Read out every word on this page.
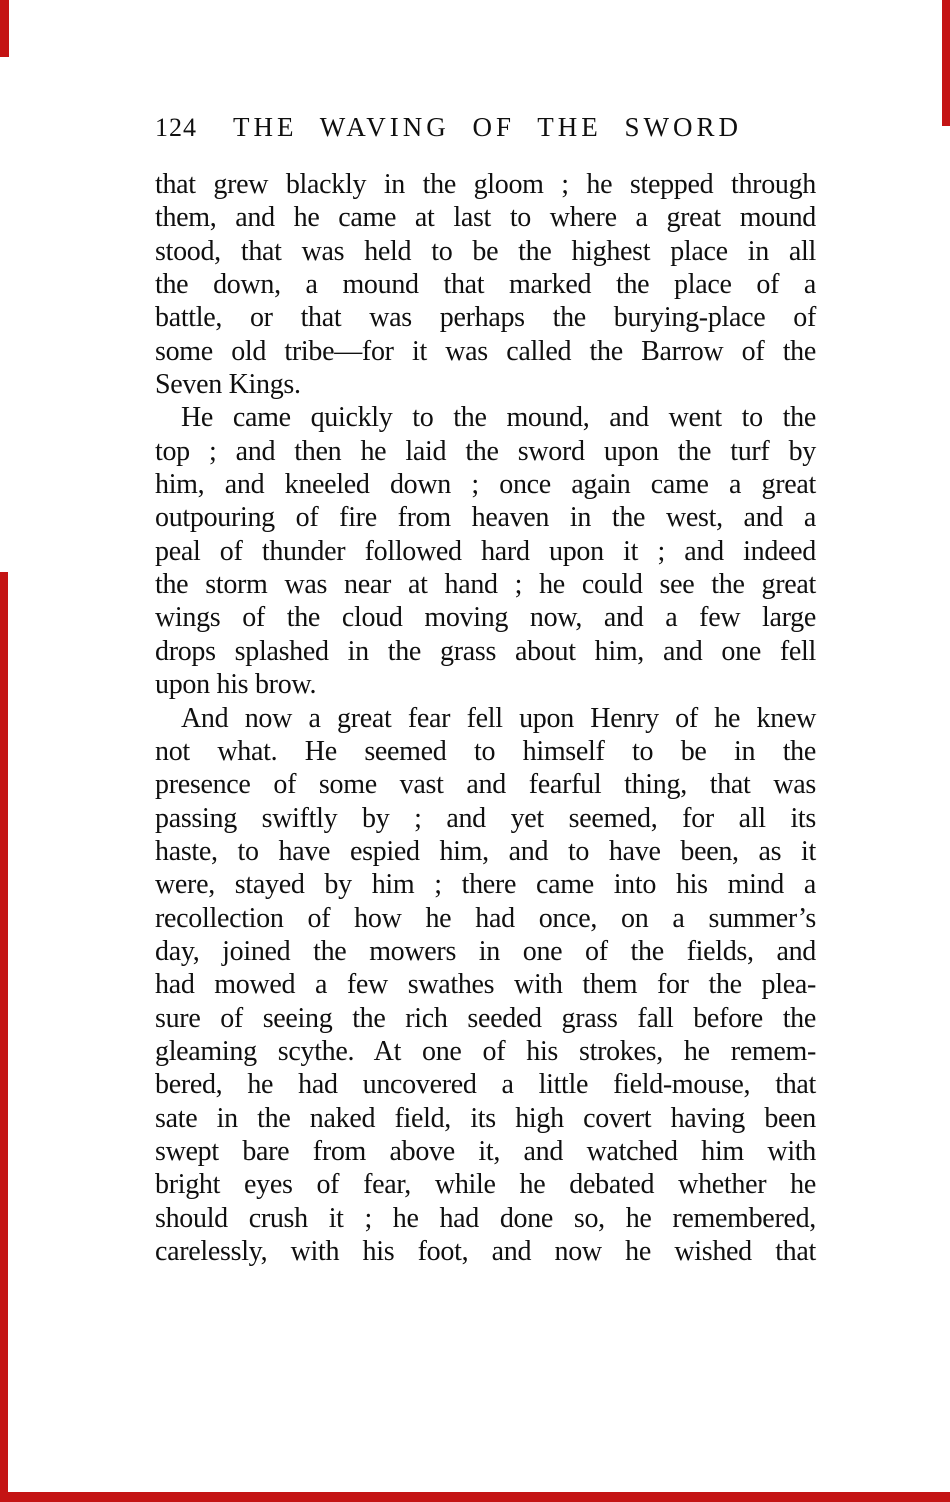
124 THE WAVING OF THE SWORD
that grew blackly in the gloom ; he stepped through
them, and he came at last to where a great mound
stood, that was held to be the highest place in all
the down, a mound that marked the place of a
battle, or that was perhaps the burying-place of
some old tribe—for it was called the Barrow of the
Seven Kings.
He came quickly to the mound, and went to the
top ; and then he laid the sword upon the turf by
him, and kneeled down ; once again came a great
outpouring of fire from heaven in the west, and a
peal of thunder followed hard upon it ; and indeed
the storm was near at hand ; he could see the great
wings of the cloud moving now, and a few large
drops splashed in the grass about him, and one fell
upon his brow.
And now a great fear fell upon Henry of he knew
not what. He seemed to himself to be in the
presence of some vast and fearful thing, that was
passing swiftly by ; and yet seemed, for all its
haste, to have espied him, and to have been, as it
were, stayed by him ; there came into his mind a
recollection of how he had once, on a summer’s
day, joined the mowers in one of the fields, and
had mowed a few swathes with them for the plea-
sure of seeing the rich seeded grass fall before the
gleaming scythe. At one of his strokes, he remem-
bered, he had uncovered a little field-mouse, that
sate in the naked field, its high covert having been
swept bare from above it, and watched him with
bright eyes of fear, while he debated whether he
should crush it ; he had done so, he remembered,
carelessly, with his foot, and now he wished that
